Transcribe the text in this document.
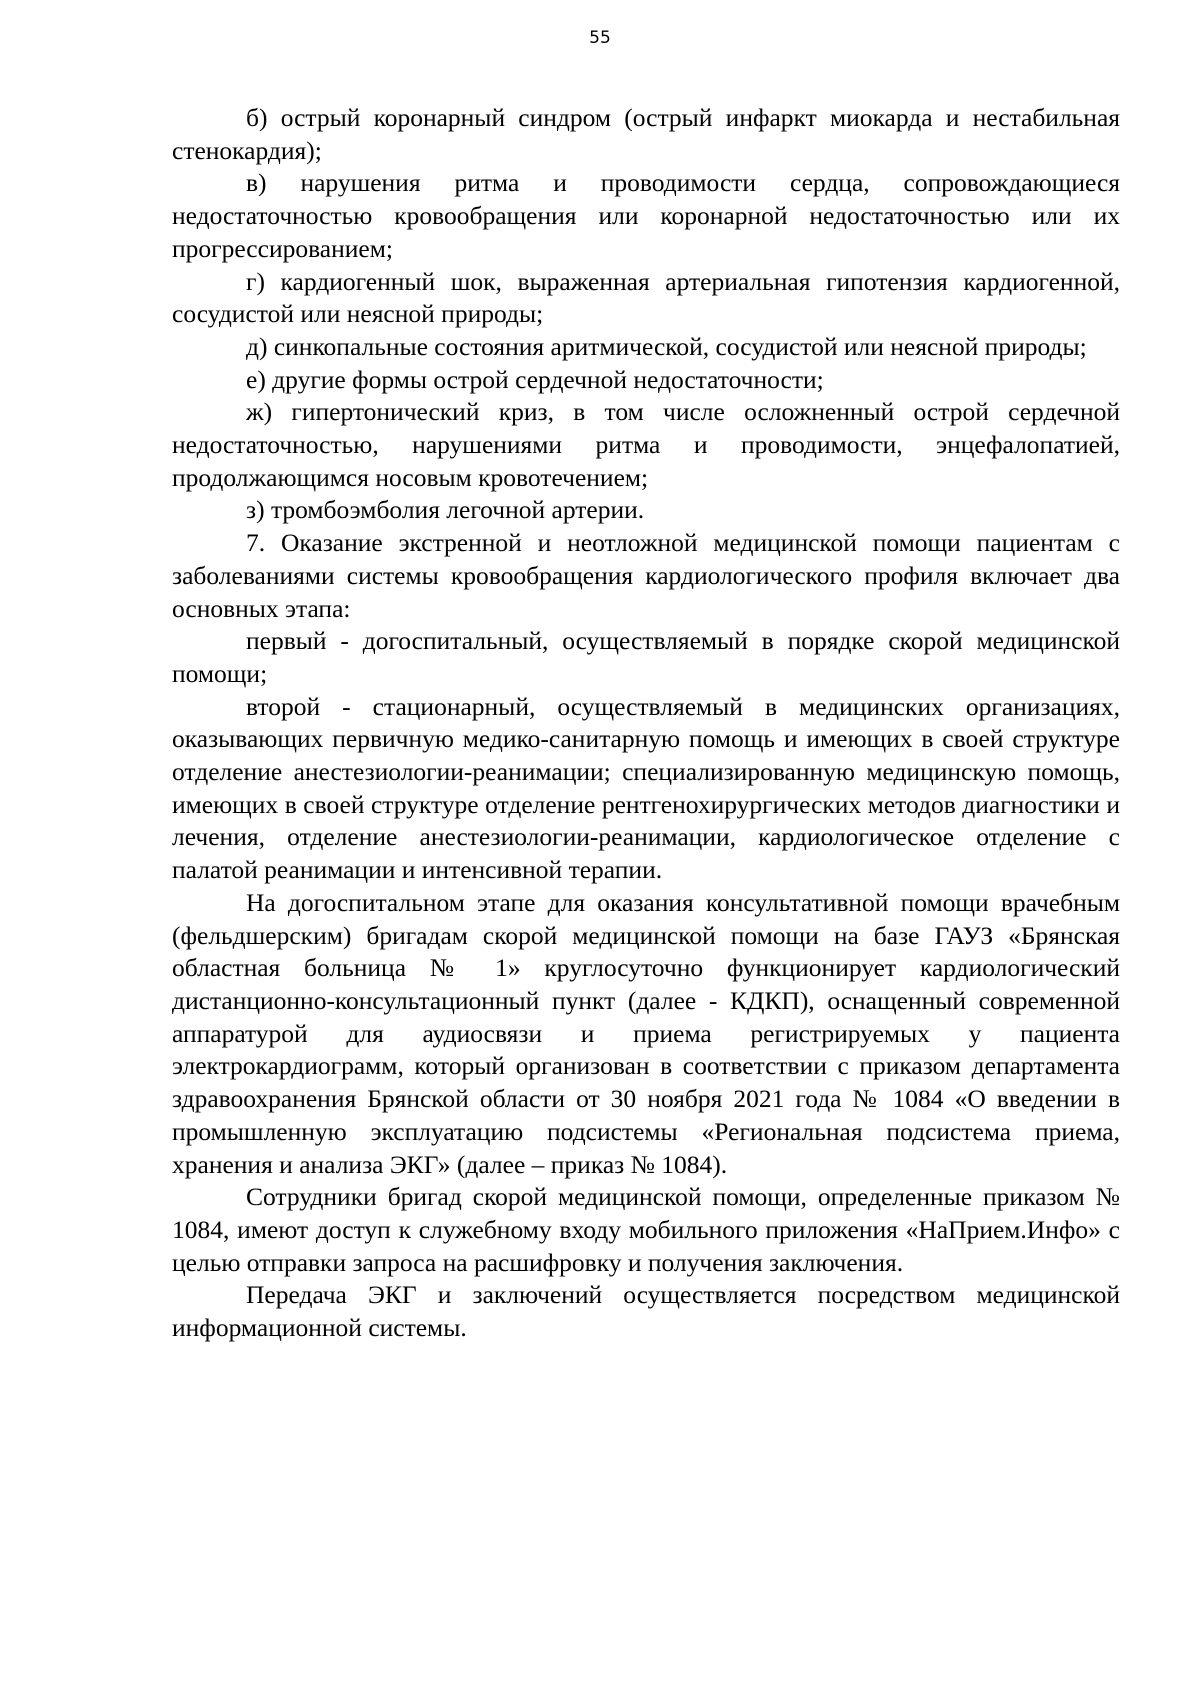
55

б) острый коронарный синдром (острый инфаркт миокарда и нестабильная стенокардия);

в) нарушения ритма и проводимости сердца, сопровождающиеся недостаточностью кровообращения или коронарной недостаточностью или их прогрессированием;

г) кардиогенный шок, выраженная артериальная гипотензия кардиогенной, сосудистой или неясной природы;

д) синкопальные состояния аритмической, сосудистой или неясной природы;

е) другие формы острой сердечной недостаточности;

ж) гипертонический криз, в том числе осложненный острой сердечной недостаточностью, нарушениями ритма и проводимости, энцефалопатией, продолжающимся носовым кровотечением;

з) тромбоэмболия легочной артерии.

7. Оказание экстренной и неотложной медицинской помощи пациентам с заболеваниями системы кровообращения кардиологического профиля включает два основных этапа:

первый - догоспитальный, осуществляемый в порядке скорой медицинской помощи;

второй - стационарный, осуществляемый в медицинских организациях, оказывающих первичную медико-санитарную помощь и имеющих в своей структуре отделение анестезиологии-реанимации; специализированную медицинскую помощь, имеющих в своей структуре отделение рентгенохирургических методов диагностики и лечения, отделение анестезиологии-реанимации, кардиологическое отделение с палатой реанимации и интенсивной терапии.

На догоспитальном этапе для оказания консультативной помощи врачебным (фельдшерским) бригадам скорой медицинской помощи на базе ГАУЗ «Брянская областная больница № 1» круглосуточно функционирует кардиологический дистанционно-консультационный пункт (далее - КДКП), оснащенный современной аппаратурой для аудиосвязи и приема регистрируемых у пациента электрокардиограмм, который организован в соответствии с приказом департамента здравоохранения Брянской области от 30 ноября 2021 года № 1084 «О введении в промышленную эксплуатацию подсистемы «Региональная подсистема приема, хранения и анализа ЭКГ» (далее – приказ № 1084).

Сотрудники бригад скорой медицинской помощи, определенные приказом № 1084, имеют доступ к служебному входу мобильного приложения «НаПрием.Инфо» с целью отправки запроса на расшифровку и получения заключения.

Передача ЭКГ и заключений осуществляется посредством медицинской информационной системы.
